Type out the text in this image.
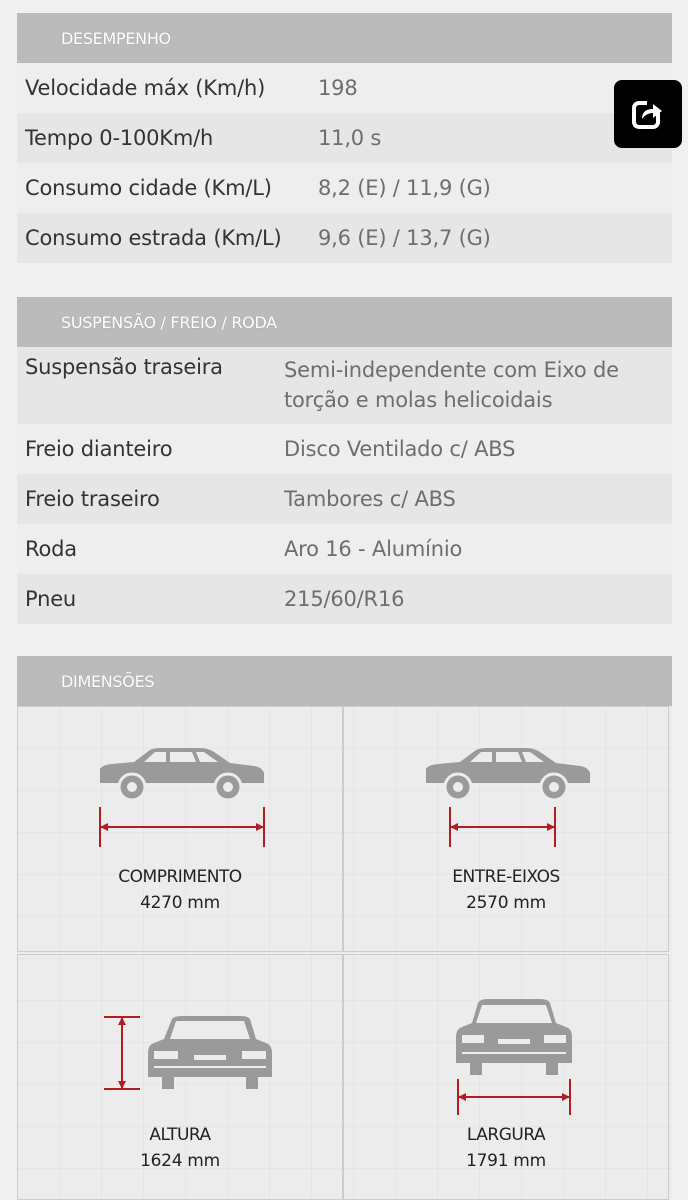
DESEMPENHO
Velocidade máx (Km/h)	198
Tempo 0-100Km/h	11,0 s
Consumo cidade (Km/L)	8,2 (E) / 11,9 (G)
Consumo estrada (Km/L)	9,6 (E) / 13,7 (G)
SUSPENSÃO / FREIO / RODA
Suspensão traseira	Semi-independente com Eixo de torção e molas helicoidais
Freio dianteiro	Disco Ventilado c/ ABS
Freio traseiro	Tambores c/ ABS
Roda	Aro 16 - Alumínio
Pneu	215/60/R16
DIMENSÕES
COMPRIMENTO
4270 mm
ENTRE-EIXOS
2570 mm
ALTURA
1624 mm
LARGURA
1791 mm
